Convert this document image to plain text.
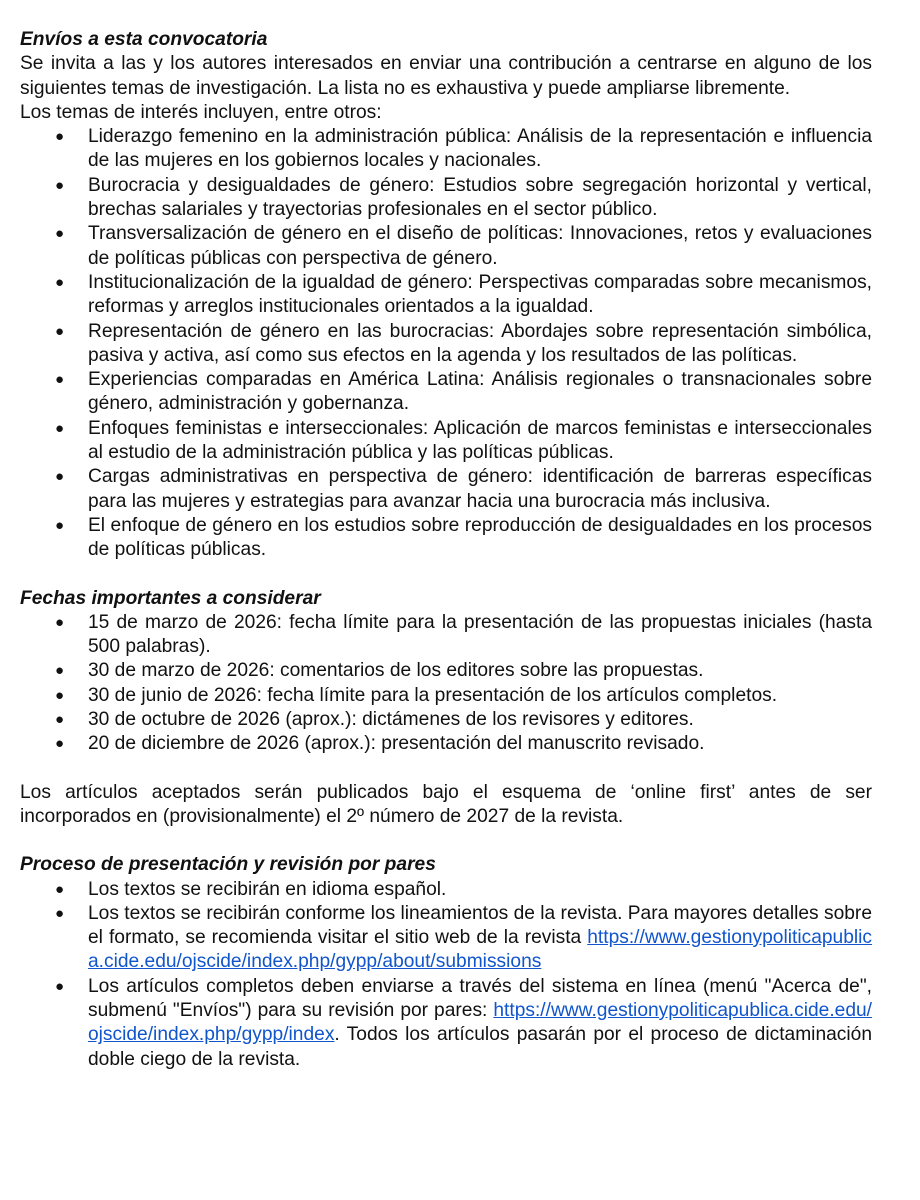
Envíos a esta convocatoria

Se invita a las y los autores interesados en enviar una contribución a centrarse en alguno de los siguientes temas de investigación. La lista no es exhaustiva y puede ampliarse libremente.

Los temas de interés incluyen, entre otros:

● Liderazgo femenino en la administración pública: Análisis de la representación e influencia de las mujeres en los gobiernos locales y nacionales.
● Burocracia y desigualdades de género: Estudios sobre segregación horizontal y vertical, brechas salariales y trayectorias profesionales en el sector público.
● Transversalización de género en el diseño de políticas: Innovaciones, retos y evaluaciones de políticas públicas con perspectiva de género.
● Institucionalización de la igualdad de género: Perspectivas comparadas sobre mecanismos, reformas y arreglos institucionales orientados a la igualdad.
● Representación de género en las burocracias: Abordajes sobre representación simbólica, pasiva y activa, así como sus efectos en la agenda y los resultados de las políticas.
● Experiencias comparadas en América Latina: Análisis regionales o transnacionales sobre género, administración y gobernanza.
● Enfoques feministas e interseccionales: Aplicación de marcos feministas e interseccionales al estudio de la administración pública y las políticas públicas.
● Cargas administrativas en perspectiva de género: identificación de barreras específicas para las mujeres y estrategias para avanzar hacia una burocracia más inclusiva.
● El enfoque de género en los estudios sobre reproducción de desigualdades en los procesos de políticas públicas.
Fechas importantes a considerar
● 15 de marzo de 2026: fecha límite para la presentación de las propuestas iniciales (hasta 500 palabras).
● 30 de marzo de 2026: comentarios de los editores sobre las propuestas.
● 30 de junio de 2026: fecha límite para la presentación de los artículos completos.
● 30 de octubre de 2026 (aprox.): dictámenes de los revisores y editores.
● 20 de diciembre de 2026 (aprox.): presentación del manuscrito revisado.

Los artículos aceptados serán publicados bajo el esquema de ‘online first’ antes de ser incorporados en (provisionalmente) el 2º número de 2027 de la revista.

Proceso de presentación y revisión por pares
● Los textos se recibirán en idioma español.
● Los textos se recibirán conforme los lineamientos de la revista. Para mayores detalles sobre el formato, se recomienda visitar el sitio web de la revista https://www.gestionypoliticapublica.cide.edu/ojscide/index.php/gypp/about/submissions
● Los artículos completos deben enviarse a través del sistema en línea (menú "Acerca de", submenú "Envíos") para su revisión por pares: https://www.gestionypoliticapublica.cide.edu/ojscide/index.php/gypp/index. Todos los artículos pasarán por el proceso de dictaminación doble ciego de la revista.
